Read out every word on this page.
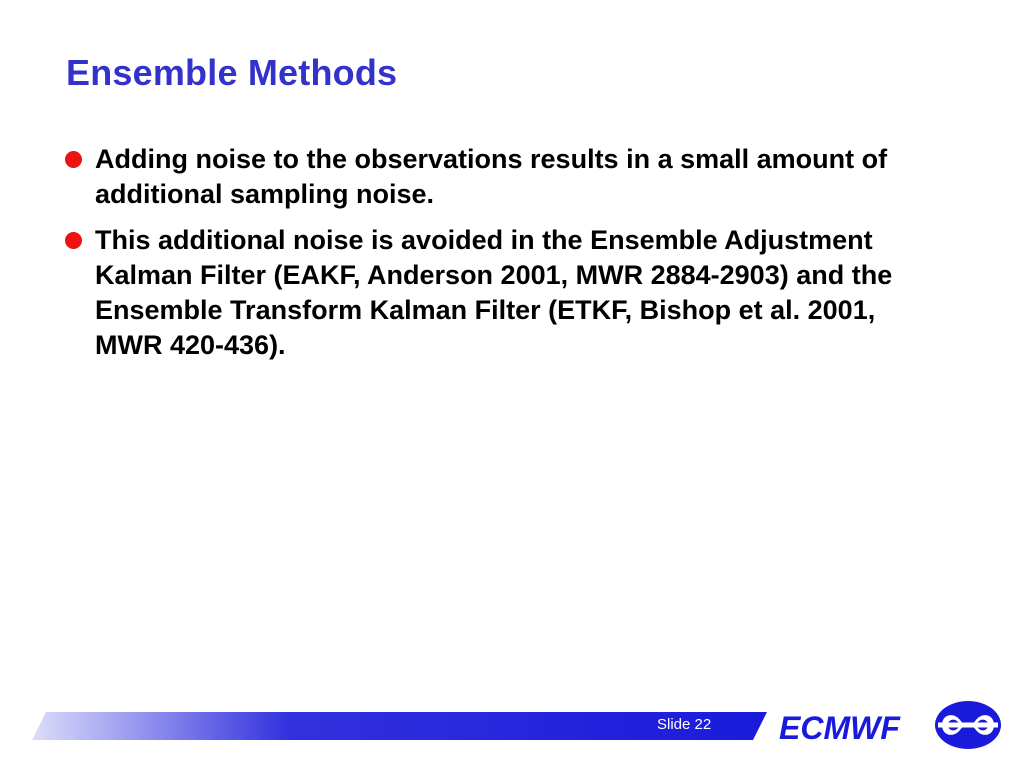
Ensemble Methods
Adding noise to the observations results in a small amount of additional sampling noise.
This additional noise is avoided in the Ensemble Adjustment Kalman Filter (EAKF, Anderson 2001, MWR 2884-2903) and the Ensemble Transform Kalman Filter (ETKF, Bishop et al. 2001, MWR 420-436).
Slide 22 ECMWF
